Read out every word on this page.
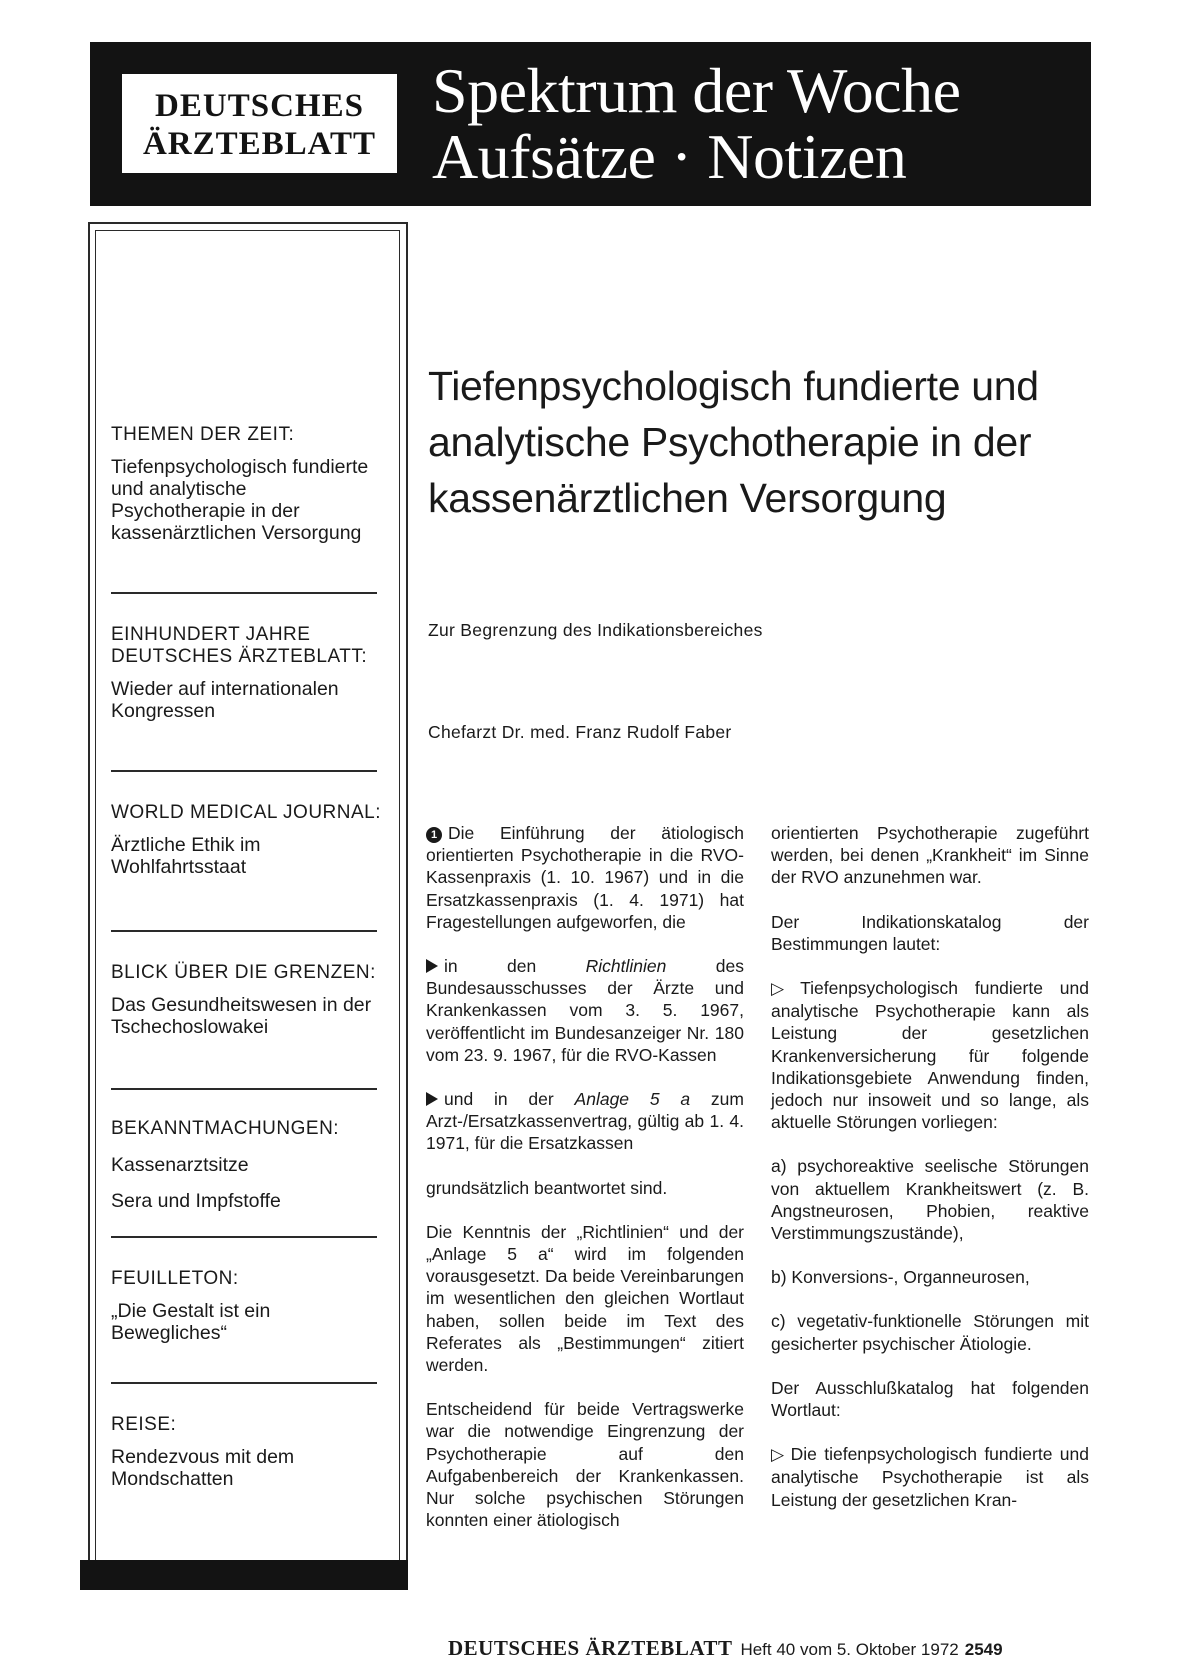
DEUTSCHES
ÄRZTEBLATT
Spektrum der Woche
Aufsätze · Notizen
THEMEN DER ZEIT:
Tiefenpsychologisch fundierte und analytische Psychotherapie in der kassenärztlichen Versorgung
EINHUNDERT JAHRE DEUTSCHES ÄRZTEBLATT:
Wieder auf internationalen Kongressen
WORLD MEDICAL JOURNAL:
Ärztliche Ethik im Wohlfahrtsstaat
BLICK ÜBER DIE GRENZEN:
Das Gesundheitswesen in der Tschechoslowakei
BEKANNTMACHUNGEN:
Kassenarztsitze
Sera und Impfstoffe
FEUILLETON:
„Die Gestalt ist ein Bewegliches“
REISE:
Rendezvous mit dem Mondschatten
Tiefenpsychologisch fundierte und analytische Psychotherapie in der kassenärztlichen Versorgung
Zur Begrenzung des Indikationsbereiches
Chefarzt Dr. med. Franz Rudolf Faber

1 Die Einführung der ätiologisch orientierten Psychotherapie in die RVO-Kassenpraxis (1. 10. 1967) und in die Ersatzkassenpraxis (1. 4. 1971) hat Fragestellungen aufgeworfen, die

in den Richtlinien des Bundesausschusses der Ärzte und Krankenkassen vom 3. 5. 1967, veröffentlicht im Bundesanzeiger Nr. 180 vom 23. 9. 1967, für die RVO-Kassen

und in der Anlage 5 a zum Arzt-/Ersatzkassenvertrag, gültig ab 1. 4. 1971, für die Ersatzkassen

grundsätzlich beantwortet sind.

Die Kenntnis der „Richtlinien“ und der „Anlage 5 a“ wird im folgenden vorausgesetzt. Da beide Vereinbarungen im wesentlichen den gleichen Wortlaut haben, sollen beide im Text des Referates als „Bestimmungen“ zitiert werden.

Entscheidend für beide Vertragswerke war die notwendige Eingrenzung der Psychotherapie auf den Aufgabenbereich der Krankenkassen. Nur solche psychischen Störungen konnten einer ätiologisch

orientierten Psychotherapie zugeführt werden, bei denen „Krankheit“ im Sinne der RVO anzunehmen war.

Der Indikationskatalog der Bestimmungen lautet:

▷ Tiefenpsychologisch fundierte und analytische Psychotherapie kann als Leistung der gesetzlichen Krankenversicherung für folgende Indikationsgebiete Anwendung finden, jedoch nur insoweit und so lange, als aktuelle Störungen vorliegen:

a) psychoreaktive seelische Störungen von aktuellem Krankheitswert (z. B. Angstneurosen, Phobien, reaktive Verstimmungszustände),

b) Konversions-, Organneurosen,

c) vegetativ-funktionelle Störungen mit gesicherter psychischer Ätiologie.

Der Ausschlußkatalog hat folgenden Wortlaut:

▷ Die tiefenpsychologisch fundierte und analytische Psychotherapie ist als Leistung der gesetzlichen Kran-

DEUTSCHES ÄRZTEBLATT Heft 40 vom 5. Oktober 1972 2549
